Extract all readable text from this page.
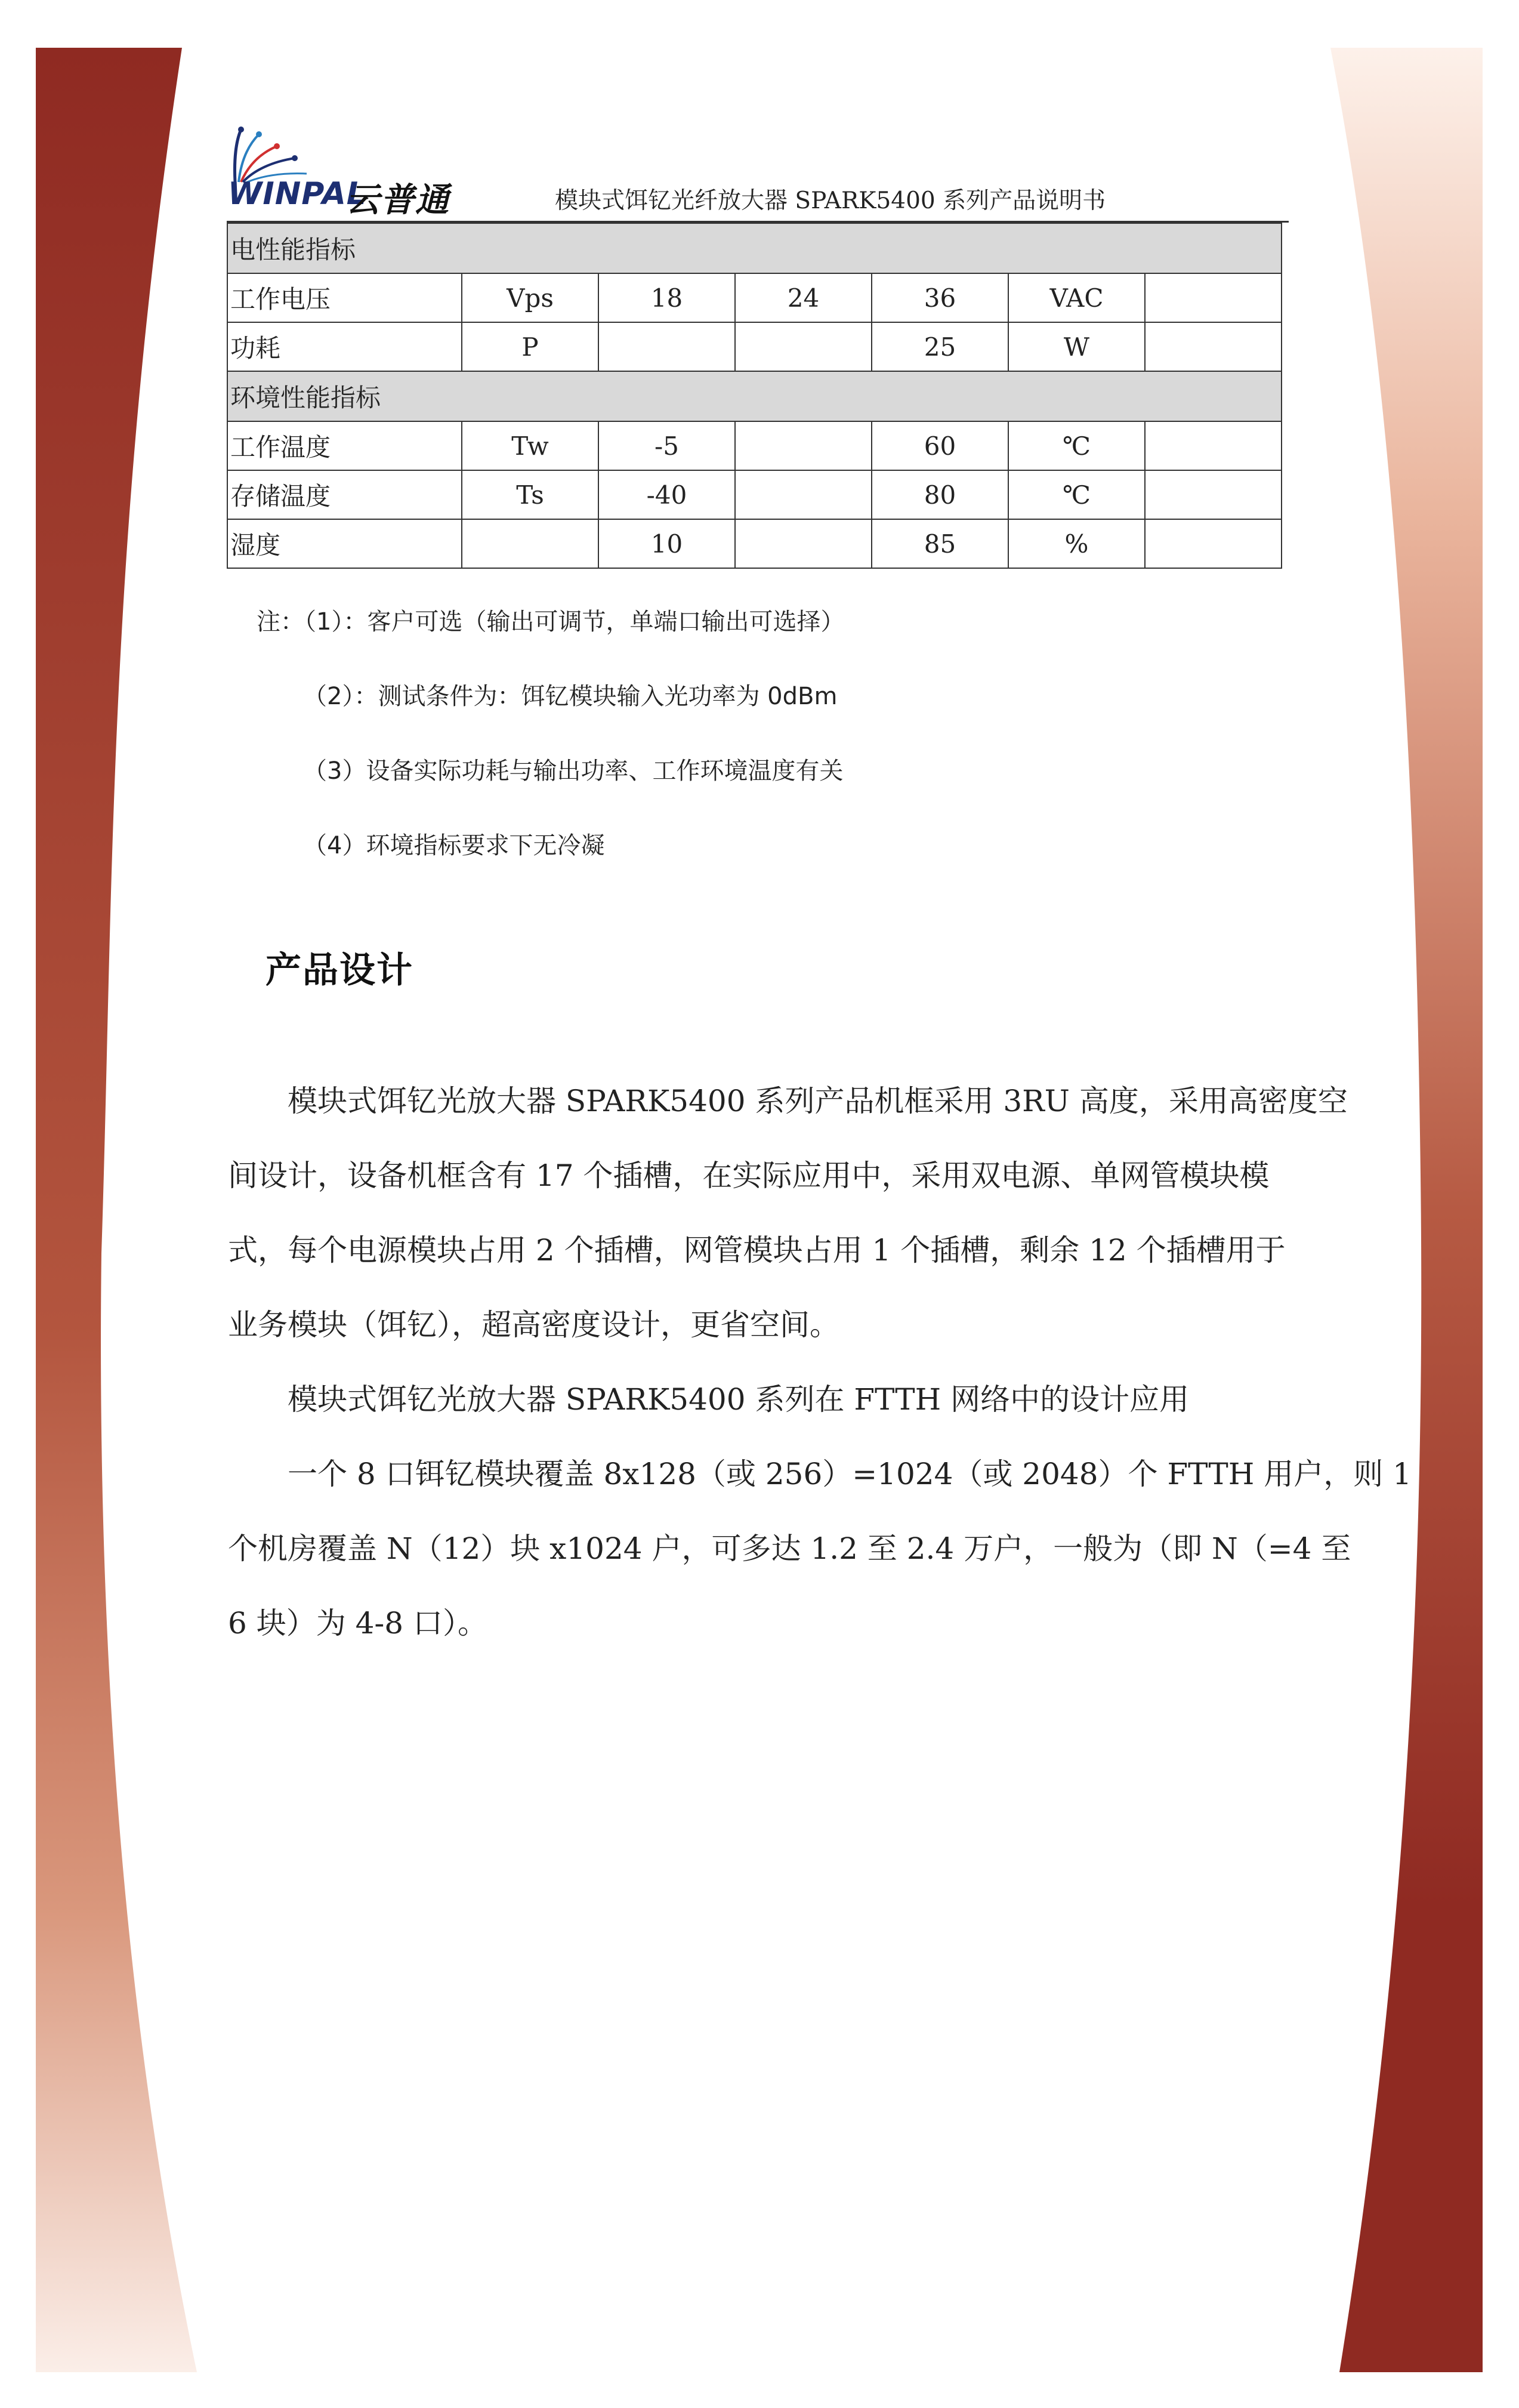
WINPAL
云普通	模块式饵钇光纤放大器 SPARK5400 系列产品说明书
电性能指标						
工作电压	Vps	18	24	36	VAC	
功耗	P			25	W	
环境性能指标						
工作温度	Tw	-5		60	℃	
存储温度	Ts	-40		80	℃	
湿度		10		85	%	
注：（1）：客户可选（输出可调节，单端口输出可选择）
（2）：测试条件为：饵钇模块输入光功率为 0dBm
（3）设备实际功耗与输出功率、工作环境温度有关
（4）环境指标要求下无冷凝
产品设计
　　模块式饵钇光放大器 SPARK5400 系列产品机框采用 3RU 高度，采用高密度空
间设计，设备机框含有 17 个插槽，在实际应用中，采用双电源、单网管模块模
式，每个电源模块占用 2 个插槽，网管模块占用 1 个插槽，剩余 12 个插槽用于
业务模块（饵钇），超高密度设计，更省空间。
　　模块式饵钇光放大器 SPARK5400 系列在 FTTH 网络中的设计应用
　　一个 8 口铒钇模块覆盖 8x128（或 256）=1024（或 2048）个 FTTH 用户，则 1
个机房覆盖 N（12）块 x1024 户，可多达 1.2 至 2.4 万户，一般为（即 N（=4 至
6 块）为 4-8 口）。
